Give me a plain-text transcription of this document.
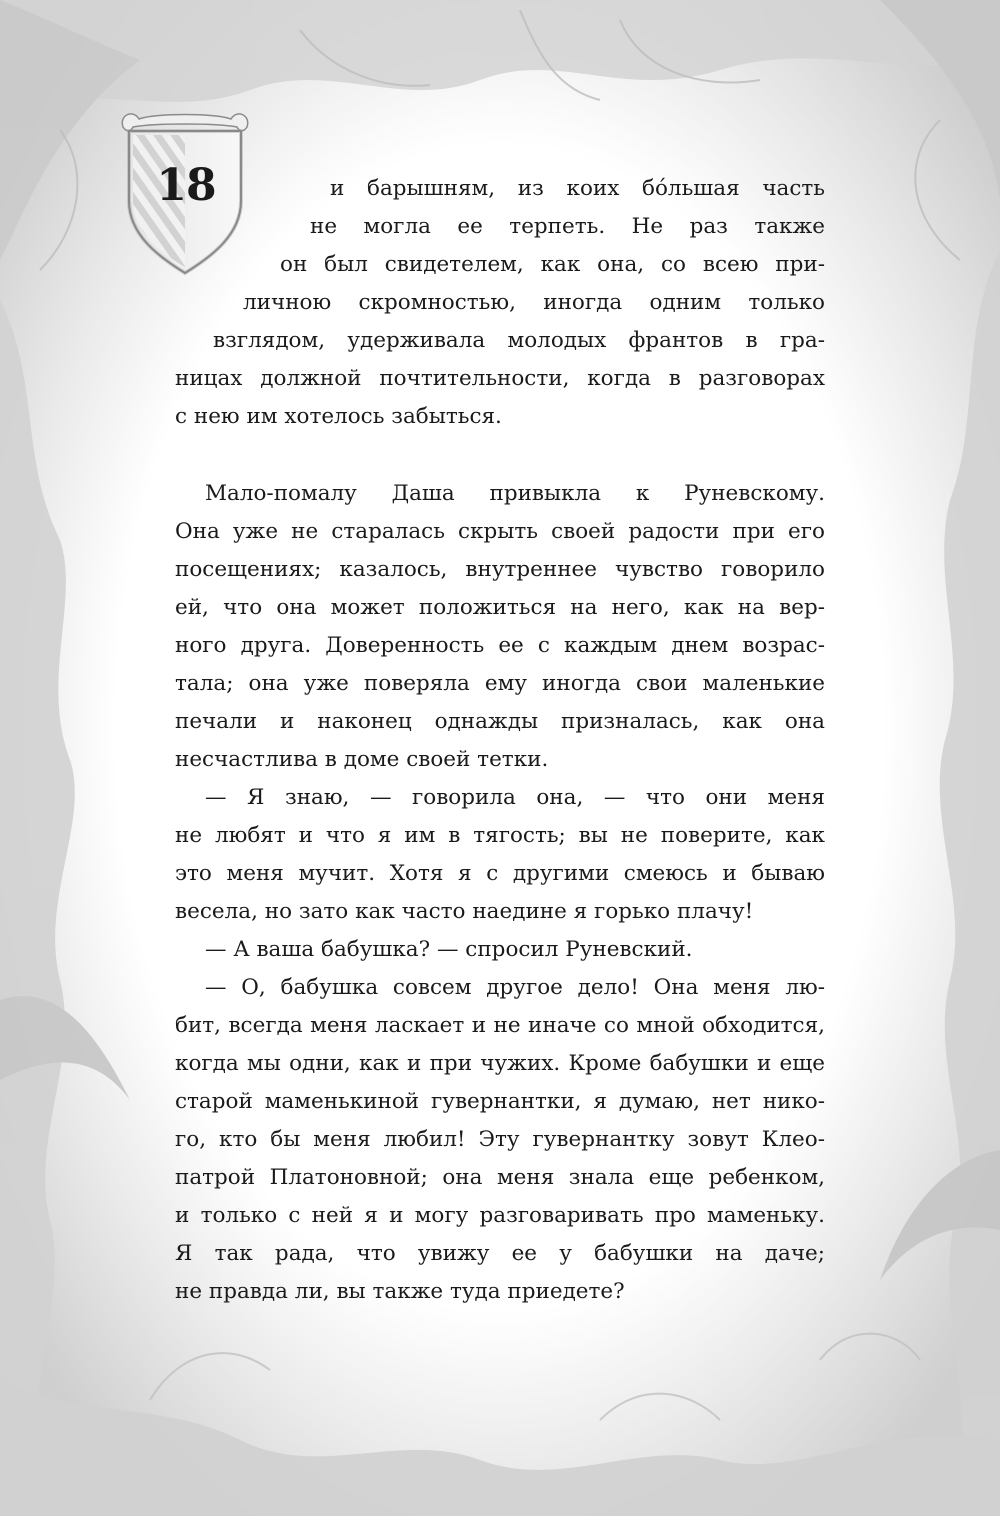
18	и барышням, из коих бóльшая часть
не могла ее терпеть. Не раз также
он был свидетелем, как она, со всею при-
личною скромностью, иногда одним только
взглядом, удерживала молодых франтов в гра-
ницах должной почтительности, когда в разговорах
с нею им хотелось забыться.
Мало-помалу Даша привыкла к Руневскому.
Она уже не старалась скрыть своей радости при его
посещениях; казалось, внутреннее чувство говорило
ей, что она может положиться на него, как на вер-
ного друга. Доверенность ее с каждым днем возрас-
тала; она уже поверяла ему иногда свои маленькие
печали и наконец однажды призналась, как она
несчастлива в доме своей тетки.
— Я знаю, — говорила она, — что они меня
не любят и что я им в тягость; вы не поверите, как
это меня мучит. Хотя я с другими смеюсь и бываю
весела, но зато как часто наедине я горько плачу!
— А ваша бабушка? — спросил Руневский.
— О, бабушка совсем другое дело! Она меня лю-
бит, всегда меня ласкает и не иначе со мной обходится,
когда мы одни, как и при чужих. Кроме бабушки и еще
старой маменькиной гувернантки, я думаю, нет нико-
го, кто бы меня любил! Эту гувернантку зовут Клео-
патрой Платоновной; она меня знала еще ребенком,
и только с ней я и могу разговаривать про маменьку.
Я так рада, что увижу ее у бабушки на даче;
не правда ли, вы также туда приедете?
